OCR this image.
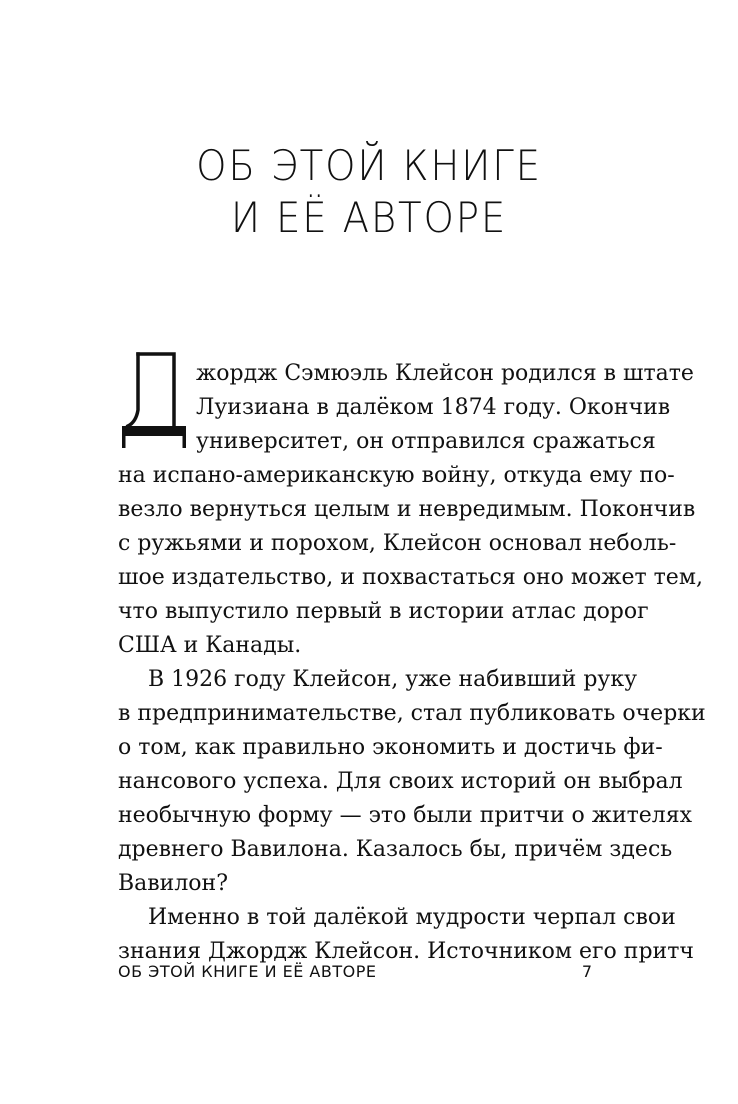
ОБ ЭТОЙ КНИГЕ
И ЕЁ АВТОРЕ
жордж Сэмюэль Клейсон родился в штате
Луизиана в далёком 1874 году. Окончив
университет, он отправился сражаться
на испано-американскую войну, откуда ему по-
везло вернуться целым и невредимым. Покончив
с ружьями и порохом, Клейсон основал неболь-
шое издательство, и похвастаться оно может тем,
что выпустило первый в истории атлас дорог
США и Канады.
В 1926 году Клейсон, уже набивший руку
в предпринимательстве, стал публиковать очерки
о том, как правильно экономить и достичь фи-
нансового успеха. Для своих историй он выбрал
необычную форму — это были притчи о жителях
древнего Вавилона. Казалось бы, причём здесь
Вавилон?
Именно в той далёкой мудрости черпал свои
знания Джордж Клейсон. Источником его притч
ОБ ЭТОЙ КНИГЕ И ЕЁ АВТОРЕ	7
